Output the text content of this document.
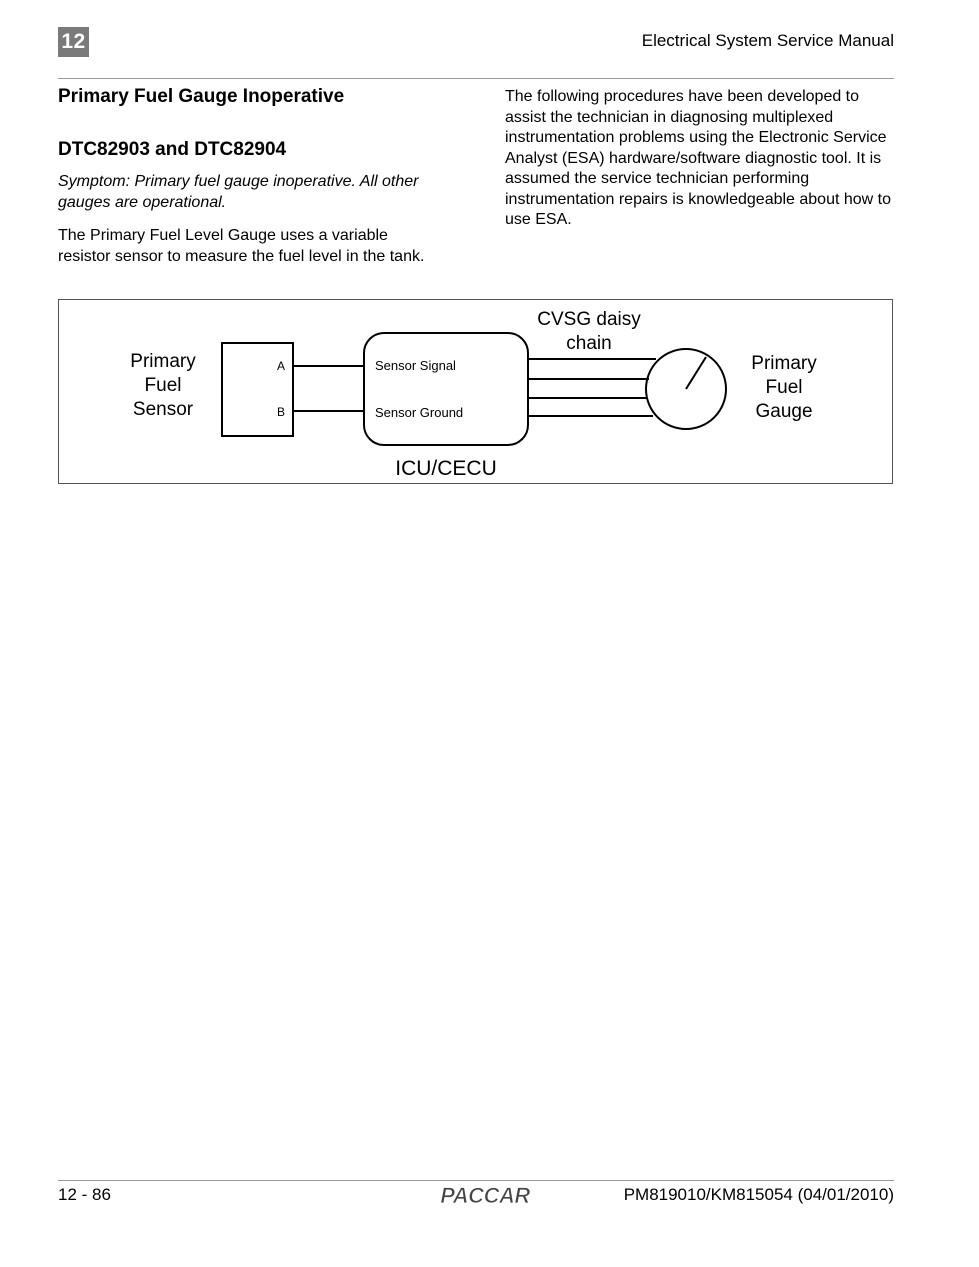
12	Electrical System Service Manual
Primary Fuel Gauge Inoperative
DTC82903 and DTC82904

Symptom: Primary fuel gauge inoperative. All other gauges are operational.

The Primary Fuel Level Gauge uses a variable resistor sensor to measure the fuel level in the tank.

The following procedures have been developed to assist the technician in diagnosing multiplexed instrumentation problems using the Electronic Service Analyst (ESA) hardware/software diagnostic tool. It is assumed the service technician performing instrumentation repairs is knowledgeable about how to use ESA.

Primary
Fuel
Sensor
A
B
Sensor Signal
Sensor Ground
ICU/CECU
CVSG daisy
chain
Primary
Fuel
Gauge
12 - 86	PACCAR	PM819010/KM815054 (04/01/2010)
